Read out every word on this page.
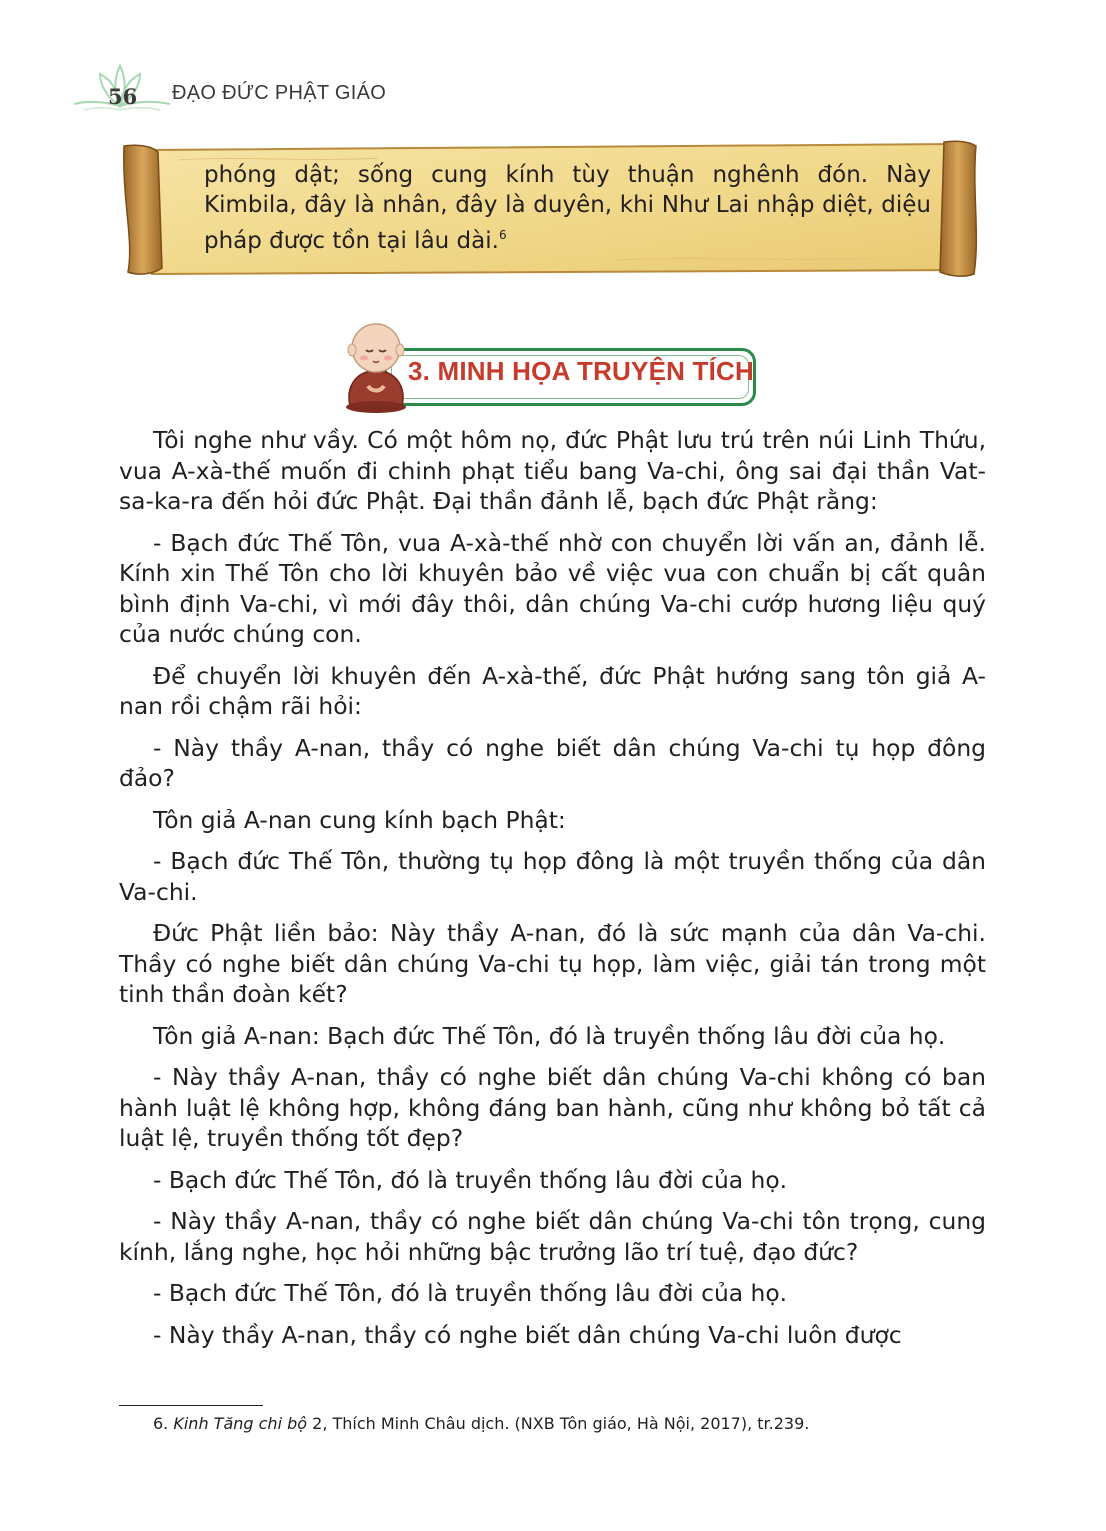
56 ĐẠO ĐỨC PHẬT GIÁO
phóng dật; sống cung kính tùy thuận nghênh đón. Này Kimbila, đây là nhân, đây là duyên, khi Như Lai nhập diệt, diệu pháp được tồn tại lâu dài.$^6$
3. MINH HỌA TRUYỆN TÍCH

Tôi nghe như vầy. Có một hôm nọ, đức Phật lưu trú trên núi Linh Thứu, vua A-xà-thế muốn đi chinh phạt tiểu bang Va-chi, ông sai đại thần Vat-sa-ka-ra đến hỏi đức Phật. Đại thần đảnh lễ, bạch đức Phật rằng:

- Bạch đức Thế Tôn, vua A-xà-thế nhờ con chuyển lời vấn an, đảnh lễ. Kính xin Thế Tôn cho lời khuyên bảo về việc vua con chuẩn bị cất quân bình định Va-chi, vì mới đây thôi, dân chúng Va-chi cướp hương liệu quý của nước chúng con.

Để chuyển lời khuyên đến A-xà-thế, đức Phật hướng sang tôn giả A-nan rồi chậm rãi hỏi:

- Này thầy A-nan, thầy có nghe biết dân chúng Va-chi tụ họp đông đảo?

Tôn giả A-nan cung kính bạch Phật:

- Bạch đức Thế Tôn, thường tụ họp đông là một truyền thống của dân Va-chi.

Đức Phật liền bảo: Này thầy A-nan, đó là sức mạnh của dân Va-chi. Thầy có nghe biết dân chúng Va-chi tụ họp, làm việc, giải tán trong một tinh thần đoàn kết?

Tôn giả A-nan: Bạch đức Thế Tôn, đó là truyền thống lâu đời của họ.

- Này thầy A-nan, thầy có nghe biết dân chúng Va-chi không có ban hành luật lệ không hợp, không đáng ban hành, cũng như không bỏ tất cả luật lệ, truyền thống tốt đẹp?

- Bạch đức Thế Tôn, đó là truyền thống lâu đời của họ.

- Này thầy A-nan, thầy có nghe biết dân chúng Va-chi tôn trọng, cung kính, lắng nghe, học hỏi những bậc trưởng lão trí tuệ, đạo đức?

- Bạch đức Thế Tôn, đó là truyền thống lâu đời của họ.

- Này thầy A-nan, thầy có nghe biết dân chúng Va-chi luôn được

6. Kinh Tăng chi bộ 2, Thích Minh Châu dịch. (NXB Tôn giáo, Hà Nội, 2017), tr.239.
